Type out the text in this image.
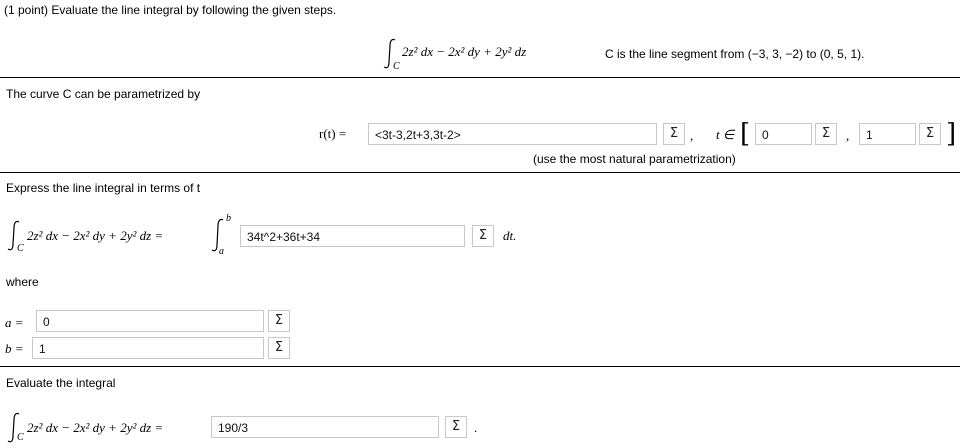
(1 point) Evaluate the line integral by following the given steps.
C
2z² dx − 2x² dy + 2y² dz	C is the line segment from (−3, 3, −2) to (0, 5, 1).
The curve C can be parametrized by
r(t) =	<3t-3,2t+3,3t-2>	Σ , t ∈ [ 0	Σ	,	1	Σ ]
(use the most natural parametrization)
Express the line integral in terms of t
C
2z² dx − 2x² dy + 2y² dz =
b
a
34t^2+36t+34	Σ	dt.
where
a =	0	Σ
b =	1	Σ
Evaluate the integral
C
2z² dx − 2x² dy + 2y² dz =	190/3	Σ	.
